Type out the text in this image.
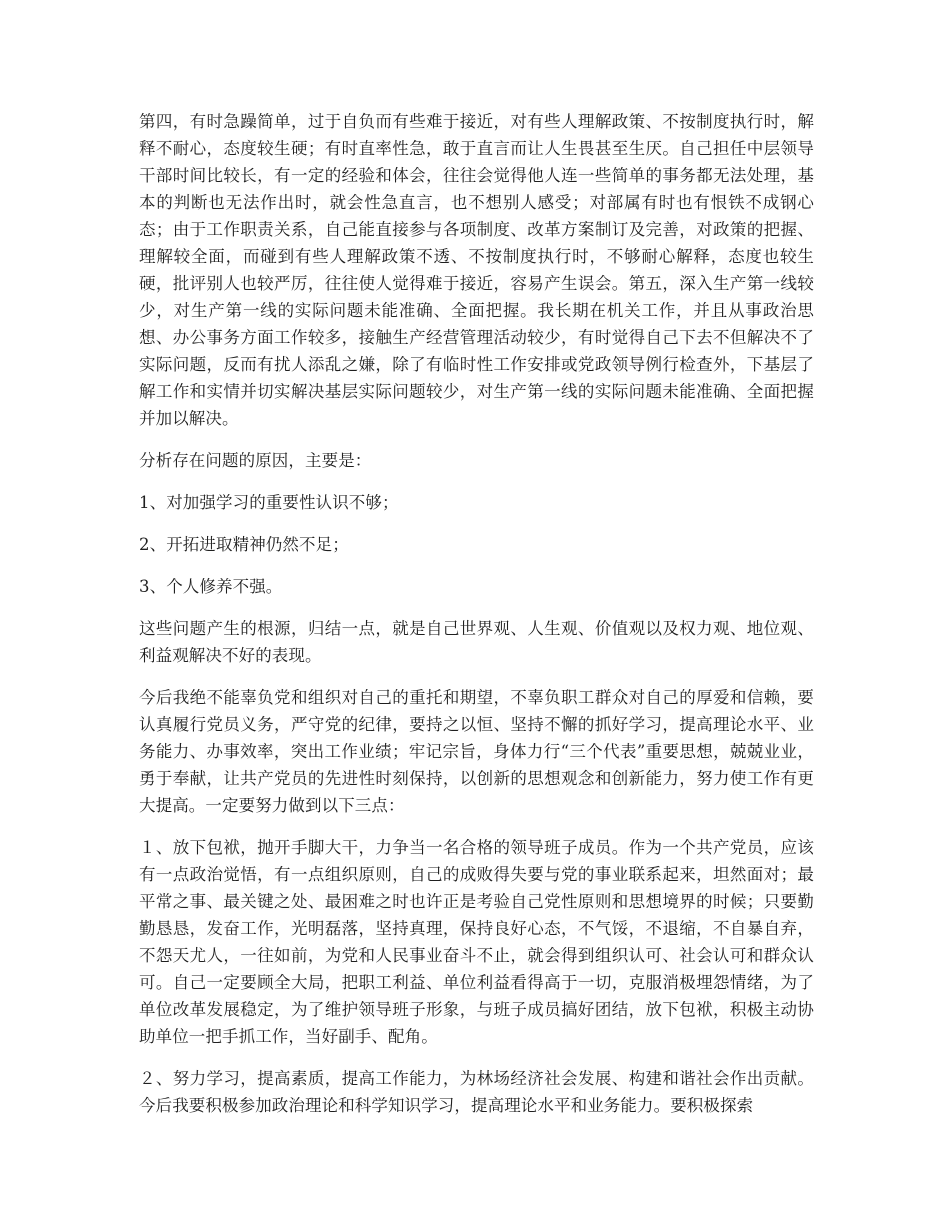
第四，有时急躁简单，过于自负而有些难于接近，对有些人理解政策、不按制度执行时，解释不耐心，态度较生硬；有时直率性急，敢于直言而让人生畏甚至生厌。自己担任中层领导干部时间比较长，有一定的经验和体会，往往会觉得他人连一些简单的事务都无法处理，基本的判断也无法作出时，就会性急直言，也不想别人感受；对部属有时也有恨铁不成钢心态；由于工作职责关系，自己能直接参与各项制度、改革方案制订及完善，对政策的把握、理解较全面，而碰到有些人理解政策不透、不按制度执行时，不够耐心解释，态度也较生硬，批评别人也较严厉，往往使人觉得难于接近，容易产生误会。第五，深入生产第一线较少，对生产第一线的实际问题未能准确、全面把握。我长期在机关工作，并且从事政治思想、办公事务方面工作较多，接触生产经营管理活动较少，有时觉得自己下去不但解决不了实际问题，反而有扰人添乱之嫌，除了有临时性工作安排或党政领导例行检查外，下基层了解工作和实情并切实解决基层实际问题较少，对生产第一线的实际问题未能准确、全面把握并加以解决。

分析存在问题的原因，主要是：

1、对加强学习的重要性认识不够；

2、开拓进取精神仍然不足；

3、个人修养不强。

这些问题产生的根源，归结一点，就是自己世界观、人生观、价值观以及权力观、地位观、利益观解决不好的表现。

今后我绝不能辜负党和组织对自己的重托和期望，不辜负职工群众对自己的厚爱和信赖，要认真履行党员义务，严守党的纪律，要持之以恒、坚持不懈的抓好学习，提高理论水平、业务能力、办事效率，突出工作业绩；牢记宗旨，身体力行“三个代表”重要思想，兢兢业业，勇于奉献，让共产党员的先进性时刻保持，以创新的思想观念和创新能力，努力使工作有更大提高。一定要努力做到以下三点：

１、放下包袱，抛开手脚大干，力争当一名合格的领导班子成员。作为一个共产党员，应该有一点政治觉悟，有一点组织原则，自己的成败得失要与党的事业联系起来，坦然面对；最平常之事、最关键之处、最困难之时也许正是考验自己党性原则和思想境界的时候；只要勤勤恳恳，发奋工作，光明磊落，坚持真理，保持良好心态，不气馁，不退缩，不自暴自弃，不怨天尤人，一往如前，为党和人民事业奋斗不止，就会得到组织认可、社会认可和群众认可。自己一定要顾全大局，把职工利益、单位利益看得高于一切，克服消极埋怨情绪，为了单位改革发展稳定，为了维护领导班子形象，与班子成员搞好团结，放下包袱，积极主动协助单位一把手抓工作，当好副手、配角。

２、努力学习，提高素质，提高工作能力，为林场经济社会发展、构建和谐社会作出贡献。今后我要积极参加政治理论和科学知识学习，提高理论水平和业务能力。要积极探索
